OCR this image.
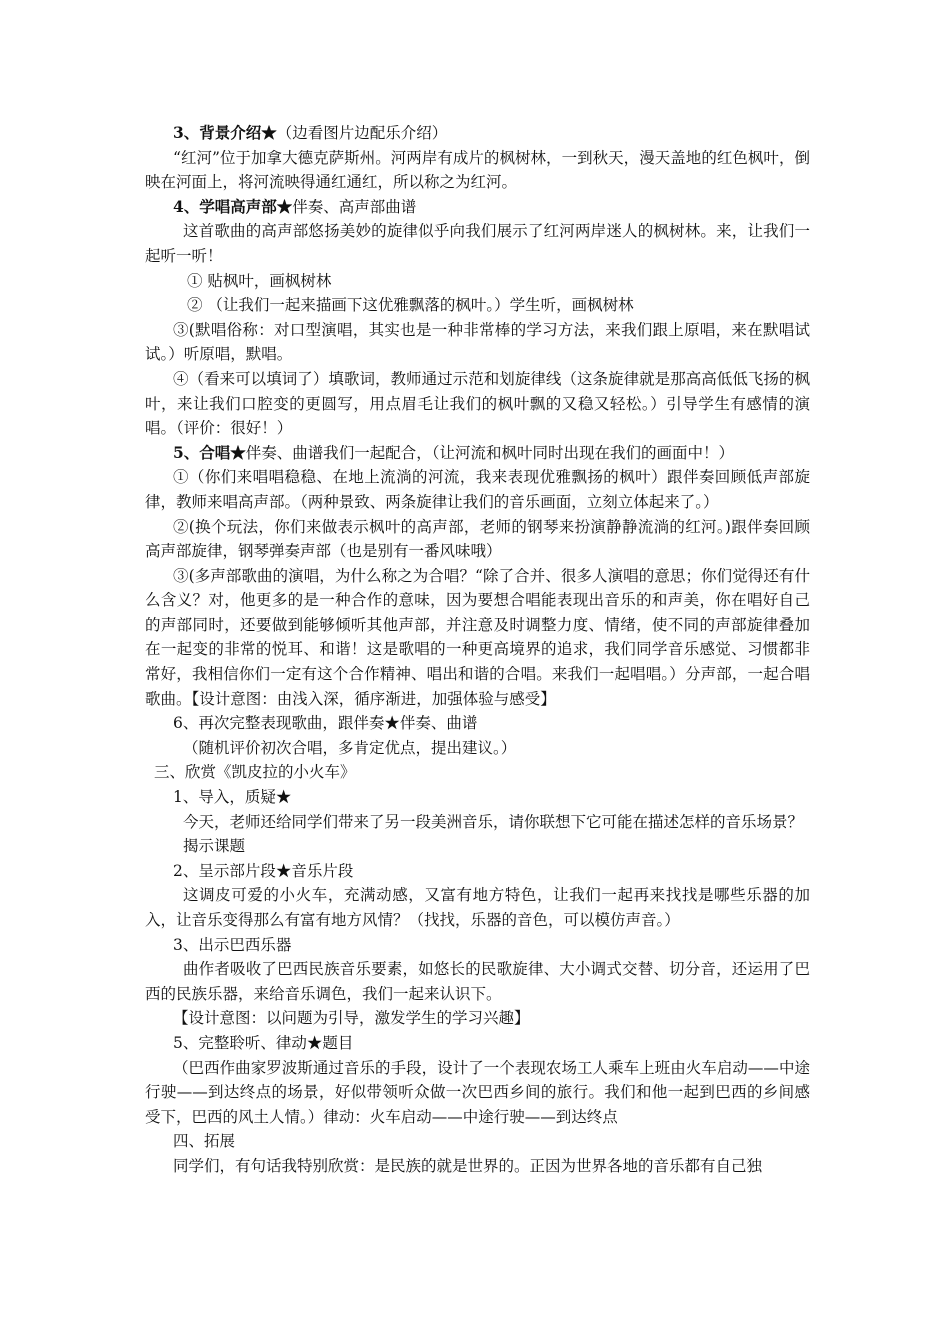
3、背景介绍★（边看图片边配乐介绍）

“红河”位于加拿大德克萨斯州。河两岸有成片的枫树林，一到秋天，漫天盖地的红色枫叶，倒映在河面上，将河流映得通红通红，所以称之为红河。

4、学唱高声部★伴奏、高声部曲谱

这首歌曲的高声部悠扬美妙的旋律似乎向我们展示了红河两岸迷人的枫树林。来，让我们一起听一听！

① 贴枫叶，画枫树林

② （让我们一起来描画下这优雅飘落的枫叶。）学生听，画枫树林

③(默唱俗称：对口型演唱，其实也是一种非常棒的学习方法，来我们跟上原唱，来在默唱试试。）听原唱，默唱。

④（看来可以填词了）填歌词，教师通过示范和划旋律线（这条旋律就是那高高低低飞扬的枫叶，来让我们口腔变的更圆写，用点眉毛让我们的枫叶飘的又稳又轻松。）引导学生有感情的演唱。（评价：很好！）

5、合唱★伴奏、曲谱我们一起配合，（让河流和枫叶同时出现在我们的画面中！）

①（你们来唱唱稳稳、在地上流淌的河流，我来表现优雅飘扬的枫叶）跟伴奏回顾低声部旋律，教师来唱高声部。（两种景致、两条旋律让我们的音乐画面，立刻立体起来了。）

②(换个玩法，你们来做表示枫叶的高声部，老师的钢琴来扮演静静流淌的红河。)跟伴奏回顾高声部旋律，钢琴弹奏声部（也是别有一番风味哦）

③(多声部歌曲的演唱，为什么称之为合唱？“除了合并、很多人演唱的意思；你们觉得还有什么含义？对，他更多的是一种合作的意味，因为要想合唱能表现出音乐的和声美，你在唱好自己的声部同时，还要做到能够倾听其他声部，并注意及时调整力度、情绪，使不同的声部旋律叠加在一起变的非常的悦耳、和谐！这是歌唱的一种更高境界的追求，我们同学音乐感觉、习惯都非常好，我相信你们一定有这个合作精神、唱出和谐的合唱。来我们一起唱唱。）分声部，一起合唱歌曲。【设计意图：由浅入深，循序渐进，加强体验与感受】

6、再次完整表现歌曲，跟伴奏★伴奏、曲谱

（随机评价初次合唱，多肯定优点，提出建议。）

三、欣赏《凯皮拉的小火车》

1、导入，质疑★

今天，老师还给同学们带来了另一段美洲音乐，请你联想下它可能在描述怎样的音乐场景？

揭示课题

2、呈示部片段★音乐片段

这调皮可爱的小火车，充满动感，又富有地方特色，让我们一起再来找找是哪些乐器的加入，让音乐变得那么有富有地方风情？（找找，乐器的音色，可以模仿声音。）

3、出示巴西乐器

曲作者吸收了巴西民族音乐要素，如悠长的民歌旋律、大小调式交替、切分音，还运用了巴西的民族乐器，来给音乐调色，我们一起来认识下。

【设计意图：以问题为引导，激发学生的学习兴趣】

5、完整聆听、律动★题目

（巴西作曲家罗波斯通过音乐的手段，设计了一个表现农场工人乘车上班由火车启动——中途行驶——到达终点的场景，好似带领听众做一次巴西乡间的旅行。我们和他一起到巴西的乡间感受下，巴西的风土人情。）律动：火车启动——中途行驶——到达终点

四、拓展

同学们，有句话我特别欣赏：是民族的就是世界的。正因为世界各地的音乐都有自己独
